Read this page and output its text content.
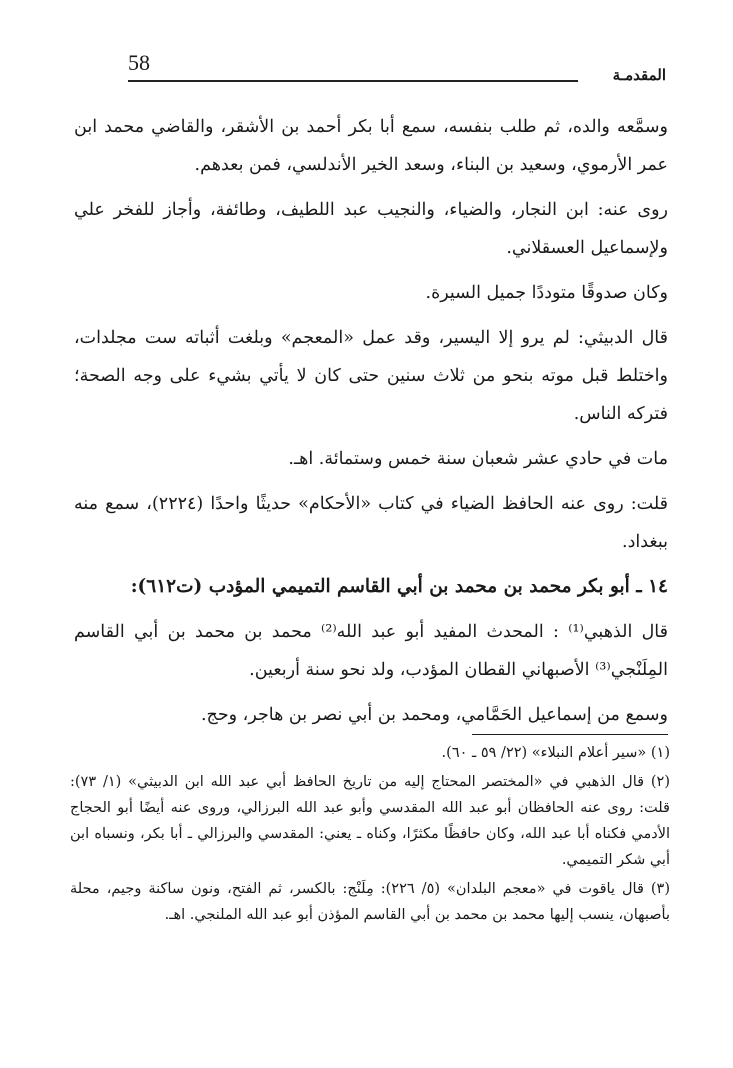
58	المقدمـة

وسمَّعه والده، ثم طلب بنفسه، سمع أبا بكر أحمد بن الأشقر، والقاضي محمد ابن عمر الأرموي، وسعيد بن البناء، وسعد الخير الأندلسي، فمن بعدهم.

روى عنه: ابن النجار، والضياء، والنجيب عبد اللطيف، وطائفة، وأجاز للفخر علي ولإسماعيل العسقلاني.

وكان صدوقًا متوددًا جميل السيرة.

قال الدبيثي: لم يرو إلا اليسير، وقد عمل «المعجم» وبلغت أثباته ست مجلدات، واختلط قبل موته بنحو من ثلاث سنين حتى كان لا يأتي بشيء على وجه الصحة؛ فتركه الناس.

مات في حادي عشر شعبان سنة خمس وستمائة. اهـ.

قلت: روى عنه الحافظ الضياء في كتاب «الأحكام» حديثًا واحدًا (٢٢٢٤)، سمع منه ببغداد.

١٤ ـ أبو بكر محمد بن محمد بن أبي القاسم التميمي المؤدب (ت٦١٢):

قال الذهبي⁽¹⁾ : المحدث المفيد أبو عبد الله⁽²⁾ محمد بن محمد بن أبي القاسم المِلَنْجي⁽³⁾ الأصبهاني القطان المؤدب، ولد نحو سنة أربعين.

وسمع من إسماعيل الحَمَّامي، ومحمد بن أبي نصر بن هاجر، وحج.

(١) «سير أعلام النبلاء» (٢٢/ ٥٩ ـ ٦٠).

(٢) قال الذهبي في «المختصر المحتاج إليه من تاريخ الحافظ أبي عبد الله ابن الدبيثي» (١/ ٧٣): قلت: روى عنه الحافظان أبو عبد الله المقدسي وأبو عبد الله البرزالي، وروى عنه أيضًا أبو الحجاج الأدمي فكناه أبا عبد الله، وكان حافظًا مكثرًا، وكناه ـ يعني: المقدسي والبرزالي ـ أبا بكر، ونسباه ابن أبي شكر التميمي.

(٣) قال ياقوت في «معجم البلدان» (٥/ ٢٢٦): مِلَنْج: بالكسر، ثم الفتح، ونون ساكنة وجيم، محلة بأصبهان، ينسب إليها محمد بن محمد بن أبي القاسم المؤذن أبو عبد الله الملنجي. اهـ.
